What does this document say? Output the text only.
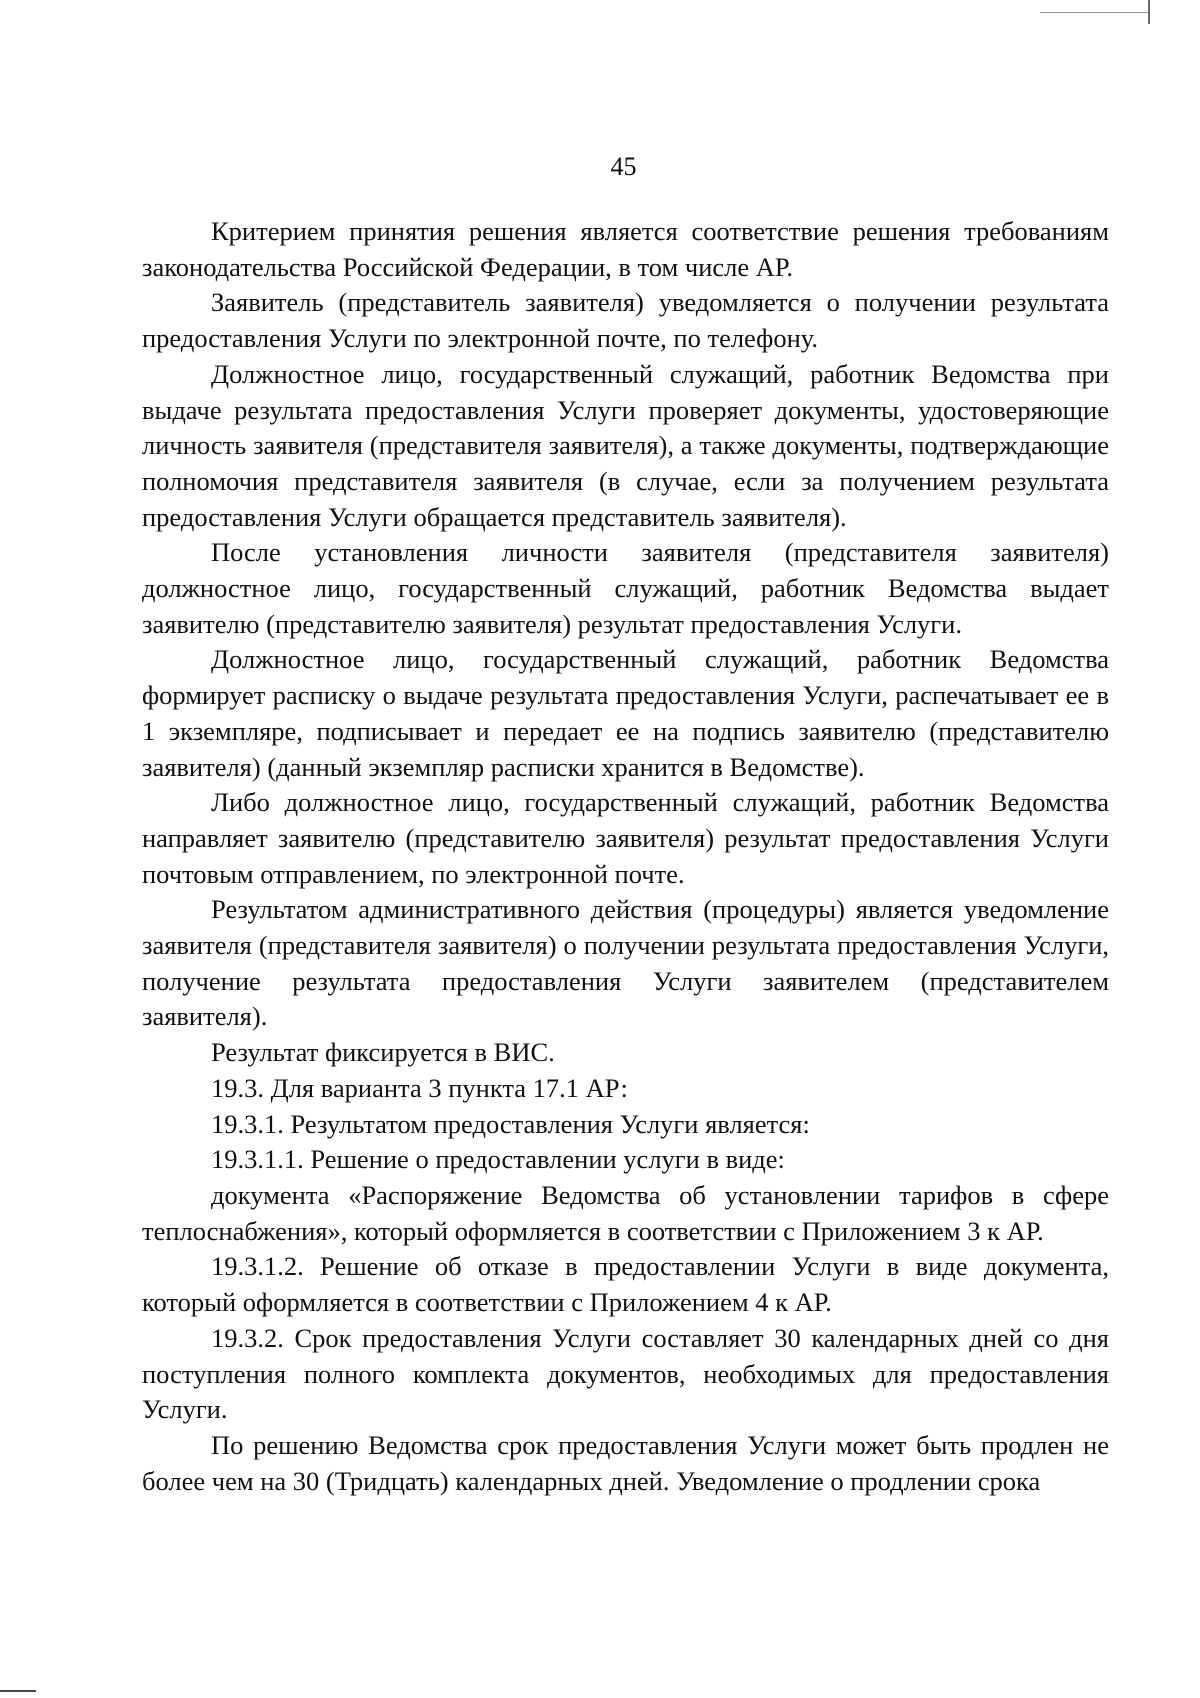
45

Критерием принятия решения является соответствие решения требованиям законодательства Российской Федерации, в том числе АР.

Заявитель (представитель заявителя) уведомляется о получении результата предоставления Услуги по электронной почте, по телефону.

Должностное лицо, государственный служащий, работник Ведомства при выдаче результата предоставления Услуги проверяет документы, удостоверяющие личность заявителя (представителя заявителя), а также документы, подтверждающие полномочия представителя заявителя (в случае, если за получением результата предоставления Услуги обращается представитель заявителя).

После установления личности заявителя (представителя заявителя) должностное лицо, государственный служащий, работник Ведомства выдает заявителю (представителю заявителя) результат предоставления Услуги.

Должностное лицо, государственный служащий, работник Ведомства формирует расписку о выдаче результата предоставления Услуги, распечатывает ее в 1 экземпляре, подписывает и передает ее на подпись заявителю (представителю заявителя) (данный экземпляр расписки хранится в Ведомстве).

Либо должностное лицо, государственный служащий, работник Ведомства направляет заявителю (представителю заявителя) результат предоставления Услуги почтовым отправлением, по электронной почте.

Результатом административного действия (процедуры) является уведомление заявителя (представителя заявителя) о получении результата предоставления Услуги, получение результата предоставления Услуги заявителем (представителем заявителя).

Результат фиксируется в ВИС.

19.3. Для варианта 3 пункта 17.1 АР:

19.3.1. Результатом предоставления Услуги является:

19.3.1.1. Решение о предоставлении услуги в виде:

документа «Распоряжение Ведомства об установлении тарифов в сфере теплоснабжения», который оформляется в соответствии с Приложением 3 к АР.

19.3.1.2. Решение об отказе в предоставлении Услуги в виде документа, который оформляется в соответствии с Приложением 4 к АР.

19.3.2. Срок предоставления Услуги составляет 30 календарных дней со дня поступления полного комплекта документов, необходимых для предоставления Услуги.

По решению Ведомства срок предоставления Услуги может быть продлен не более чем на 30 (Тридцать) календарных дней. Уведомление о продлении срока
